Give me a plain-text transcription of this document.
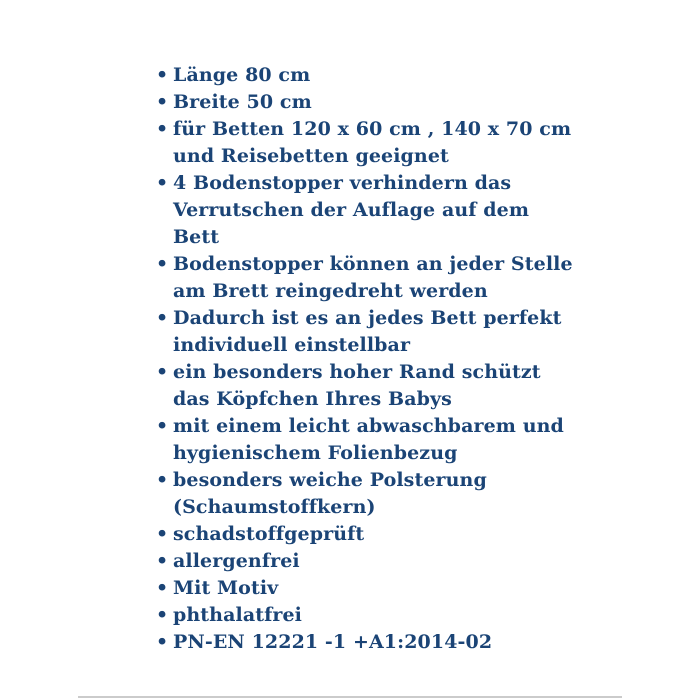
• Länge 80 cm
• Breite 50 cm
• für Betten 120 x 60 cm , 140 x 70 cm
und Reisebetten geeignet
• 4 Bodenstopper verhindern das
Verrutschen der Auflage auf dem
Bett
• Bodenstopper können an jeder Stelle
am Brett reingedreht werden
• Dadurch ist es an jedes Bett perfekt
individuell einstellbar
• ein besonders hoher Rand schützt
das Köpfchen Ihres Babys
• mit einem leicht abwaschbarem und
hygienischem Folienbezug
• besonders weiche Polsterung
(Schaumstoffkern)
• schadstoffgeprüft
• allergenfrei
• Mit Motiv
• phthalatfrei
• PN-EN 12221 -1 +A1:2014-02
